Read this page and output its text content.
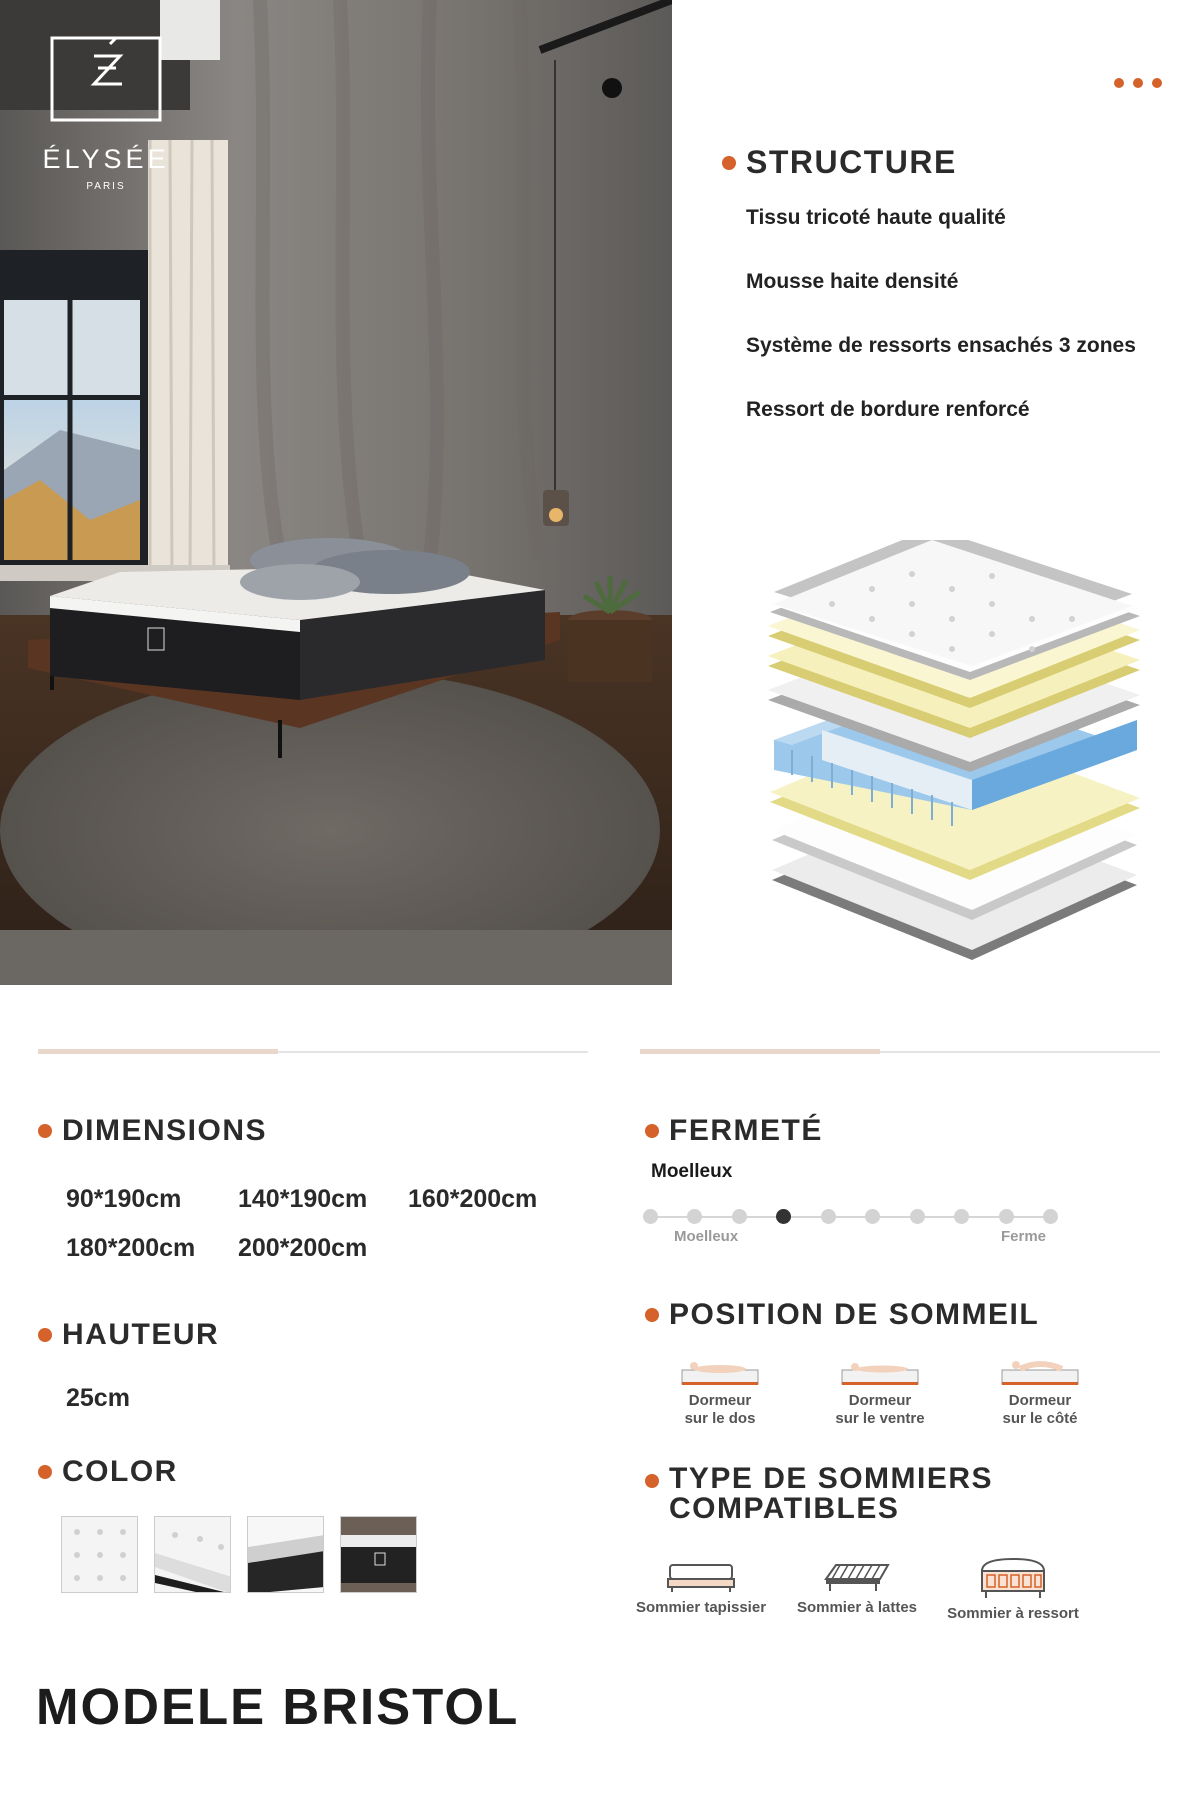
ÉLYSÉE
PARIS
STRUCTURE
Tissu tricoté haute qualité
Mousse haite densité
Système de ressorts ensachés 3 zones
Ressort de bordure renforcé
DIMENSIONS
90*190cm	140*190cm	160*200cm
180*200cm	200*200cm
HAUTEUR
25cm
COLOR
FERMETÉ
Moelleux
Moelleux	Ferme
POSITION DE SOMMEIL
Dormeur
sur le dos
Dormeur
sur le ventre
Dormeur
sur le côté
TYPE DE SOMMIERS
COMPATIBLES
Sommier tapissier	Sommier à lattes	Sommier à ressort
MODELE BRISTOL
